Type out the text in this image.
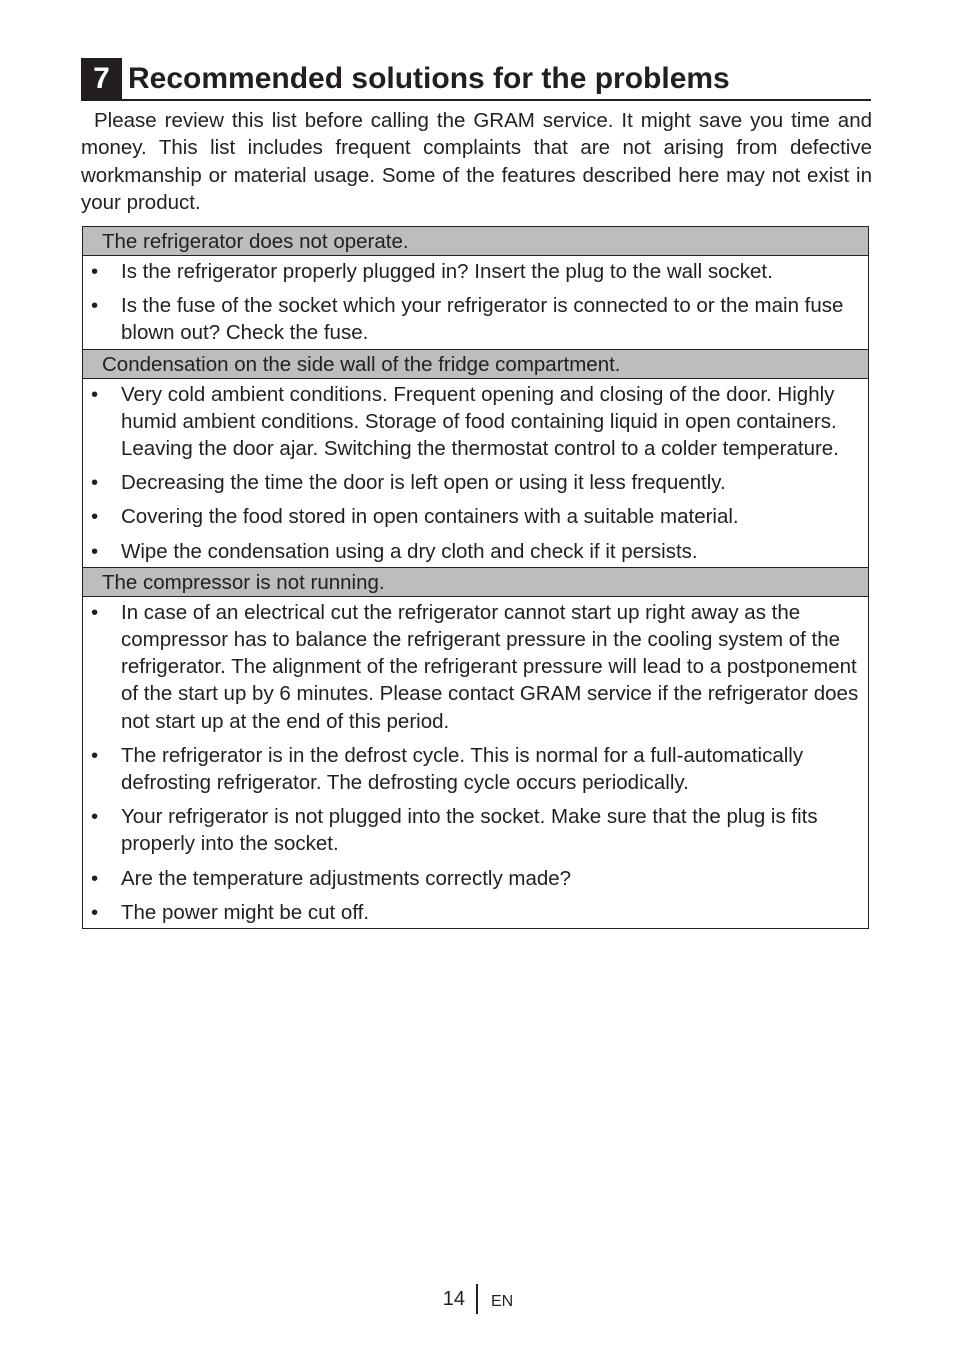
7 Recommended solutions for the problems

Please review this list before calling the GRAM service. It might save you time and money. This list includes frequent complaints that are not arising from defective workmanship or material usage. Some of the features described here may not exist in your product.

The refrigerator does not operate.
•	Is the refrigerator properly plugged in? Insert the plug to the wall socket.
•	Is the fuse of the socket which your refrigerator is connected to or the main fuse blown out? Check the fuse.
Condensation on the side wall of the fridge compartment.
•	Very cold ambient conditions. Frequent opening and closing of the door. Highly humid ambient conditions. Storage of food containing liquid in open containers. Leaving the door ajar. Switching the thermostat control to a colder temperature.
•	Decreasing the time the door is left open or using it less frequently.
•	Covering the food stored in open containers with a suitable material.
•	Wipe the condensation using a dry cloth and check if it persists.
The compressor is not running.
•	In case of an electrical cut the refrigerator cannot start up right away as the compressor has to balance the refrigerant pressure in the cooling system of the refrigerator. The alignment of the refrigerant pressure will lead to a postponement of the start up by 6 minutes. Please contact GRAM service if the refrigerator does not start up at the end of this period.
•	The refrigerator is in the defrost cycle. This is normal for a full-automatically defrosting refrigerator. The defrosting cycle occurs periodically.
•	Your refrigerator is not plugged into the socket. Make sure that the plug is fits properly into the socket.
•	Are the temperature adjustments correctly made?
•	The power might be cut off.
14 EN
